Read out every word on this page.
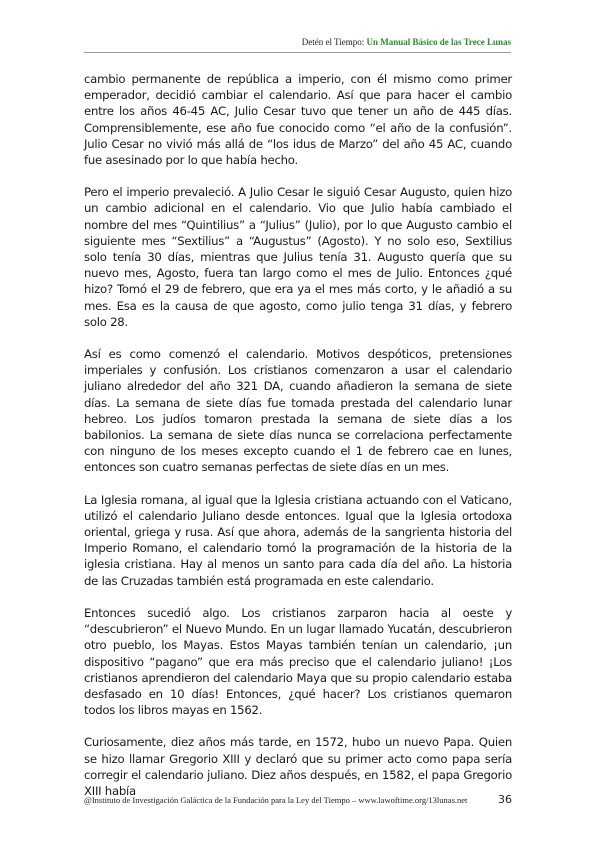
Detén el Tiempo: Un Manual Básico de las Trece Lunas

cambio permanente de república a imperio, con él mismo como primer emperador, decidió cambiar el calendario. Así que para hacer el cambio entre los años 46-45 AC, Julio Cesar tuvo que tener un año de 445 días. Comprensiblemente, ese año fue conocido como “el año de la confusión”. Julio Cesar no vivió más allá de “los idus de Marzo” del año 45 AC, cuando fue asesinado por lo que había hecho.

Pero el imperio prevaleció. A Julio Cesar le siguió Cesar Augusto, quien hizo un cambio adicional en el calendario. Vio que Julio había cambiado el nombre del mes “Quintilius” a “Julius” (Julio), por lo que Augusto cambio el siguiente mes “Sextilius” a “Augustus” (Agosto). Y no solo eso, Sextilius solo tenía 30 días, mientras que Julius tenía 31. Augusto quería que su nuevo mes, Agosto, fuera tan largo como el mes de Julio. Entonces ¿qué hizo? Tomó el 29 de febrero, que era ya el mes más corto, y le añadió a su mes. Esa es la causa de que agosto, como julio tenga 31 días, y febrero solo 28.

Así es como comenzó el calendario. Motivos despóticos, pretensiones imperiales y confusión. Los cristianos comenzaron a usar el calendario juliano alrededor del año 321 DA, cuando añadieron la semana de siete días. La semana de siete días fue tomada prestada del calendario lunar hebreo. Los judíos tomaron prestada la semana de siete días a los babilonios. La semana de siete días nunca se correlaciona perfectamente con ninguno de los meses excepto cuando el 1 de febrero cae en lunes, entonces son cuatro semanas perfectas de siete días en un mes.

La Iglesia romana, al igual que la Iglesia cristiana actuando con el Vaticano, utilizó el calendario Juliano desde entonces. Igual que la Iglesia ortodoxa oriental, griega y rusa. Así que ahora, además de la sangrienta historia del Imperio Romano, el calendario tomó la programación de la historia de la iglesia cristiana. Hay al menos un santo para cada día del año. La historia de las Cruzadas también está programada en este calendario.

Entonces sucedió algo. Los cristianos zarparon hacia al oeste y “descubrieron” el Nuevo Mundo. En un lugar llamado Yucatán, descubrieron otro pueblo, los Mayas. Estos Mayas también tenían un calendario, ¡un dispositivo “pagano” que era más preciso que el calendario juliano! ¡Los cristianos aprendieron del calendario Maya que su propio calendario estaba desfasado en 10 días! Entonces, ¿qué hacer? Los cristianos quemaron todos los libros mayas en 1562.

Curiosamente, diez años más tarde, en 1572, hubo un nuevo Papa. Quien se hizo llamar Gregorio XIII y declaró que su primer acto como papa sería corregir el calendario juliano. Diez años después, en 1582, el papa Gregorio XIII había

@Instituto de Investigación Galáctica de la Fundación para la Ley del Tiempo – www.lawoftime.org/13lunas.net	36
